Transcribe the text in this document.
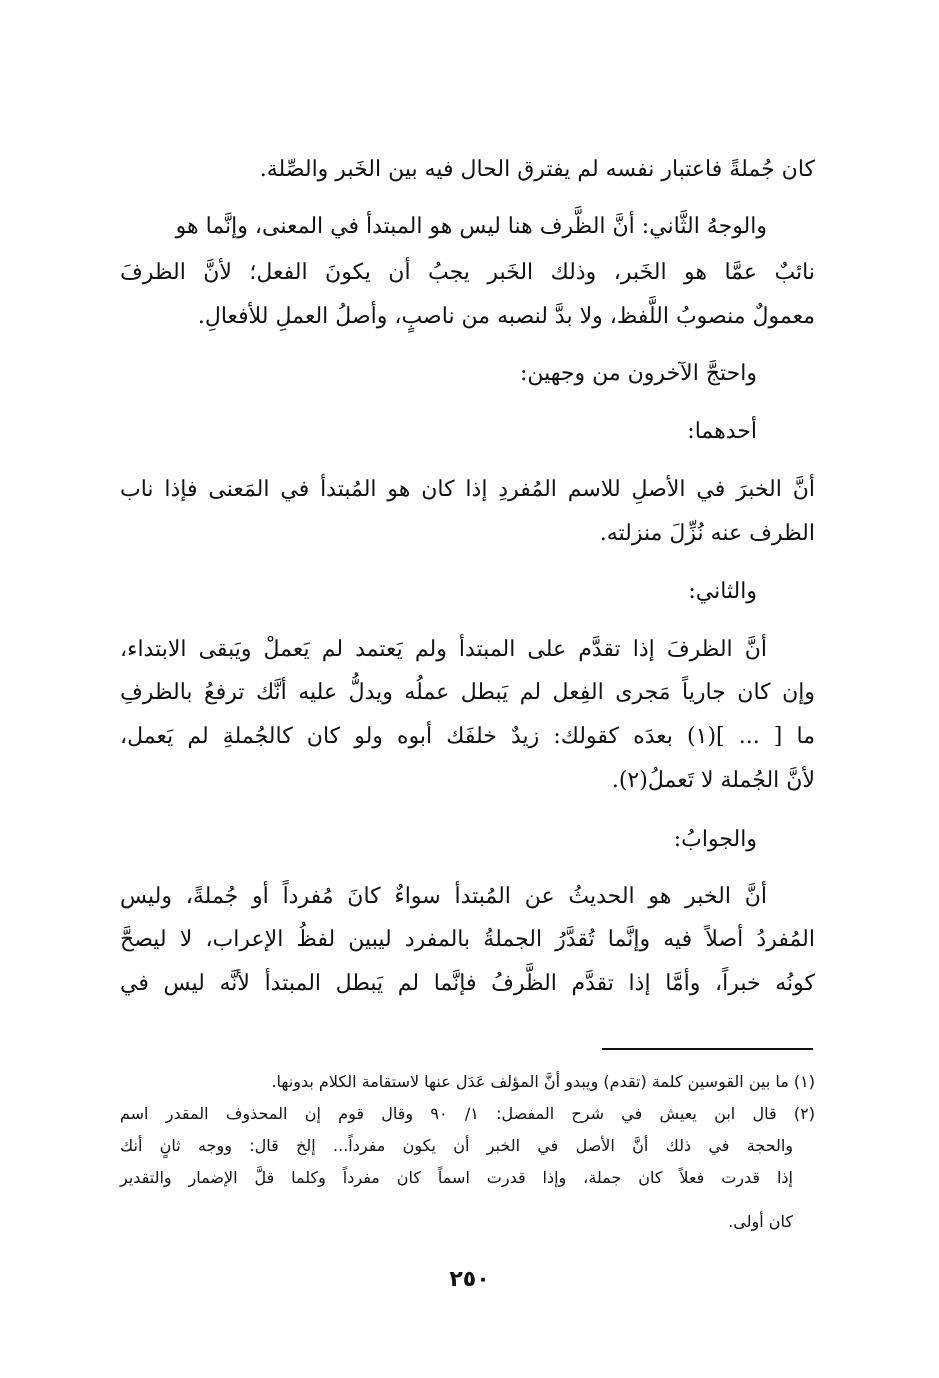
كان جُملةً فاعتبار نفسه لم يفترق الحال فيه بين الخَبر والصِّلة.
والوجهُ الثَّاني: أنَّ الظَّرف هنا ليس هو المبتدأ في المعنى، وإنَّما هو
نائبٌ عمَّا هو الخَبر، وذلك الخَبر يجبُ أن يكونَ الفعل؛ لأنَّ الظرفَ
معمولٌ منصوبُ اللَّفظ، ولا بدَّ لنصبه من ناصبٍ، وأصلُ العملِ للأفعالِ.
واحتجَّ الآخرون من وجهين:
أحدهما:
أنَّ الخبرَ في الأصلِ للاسم المُفردِ إذا كان هو المُبتدأ في المَعنى فإذا ناب
الظرف عنه نُزِّلَ منزلته.
والثاني:
أنَّ الظرفَ إذا تقدَّم على المبتدأ ولم يَعتمد لم يَعملْ ويَبقى الابتداء،
وإن كان جارياً مَجرى الفِعل لم يَبطل عملُه ويدلُّ عليه أنَّك ترفعُ بالظرفِ
ما [ ... ](١) بعدَه كقولك: زيدٌ خلفَك أبوه ولو كان كالجُملةِ لم يَعمل،
لأنَّ الجُملة لا تَعملُ(٢).
والجوابُ:
أنَّ الخبر هو الحديثُ عن المُبتدأ سواءٌ كانَ مُفرداً أو جُملةً، وليس
المُفردُ أصلاً فيه وإنَّما تُقدَّرُ الجملةُ بالمفرد ليبين لفظُ الإعراب، لا ليصحَّ
كونُه خبراً، وأمَّا إذا تقدَّم الظَّرفُ فإنَّما لم يَبطل المبتدأ لأنَّه ليس في
(١) ما بين القوسين كلمة (تقدم) ويبدو أنَّ المؤلف عَدَل عنها لاستقامة الكلام بدونها.
(٢) قال ابن يعيش في شرح المفصل: ١/ ٩٠ وقال قوم إن المحذوف المقدر اسم
والحجة في ذلك أنَّ الأصل في الخبر أن يكون مفرداً... إلخ قال: ووجه ثانٍ أنك
إذا قدرت فعلاً كان جملة، وإذا قدرت اسماً كان مفرداً وكلما قلَّ الإضمار والتقدير
كان أولى.
٢٥٠
